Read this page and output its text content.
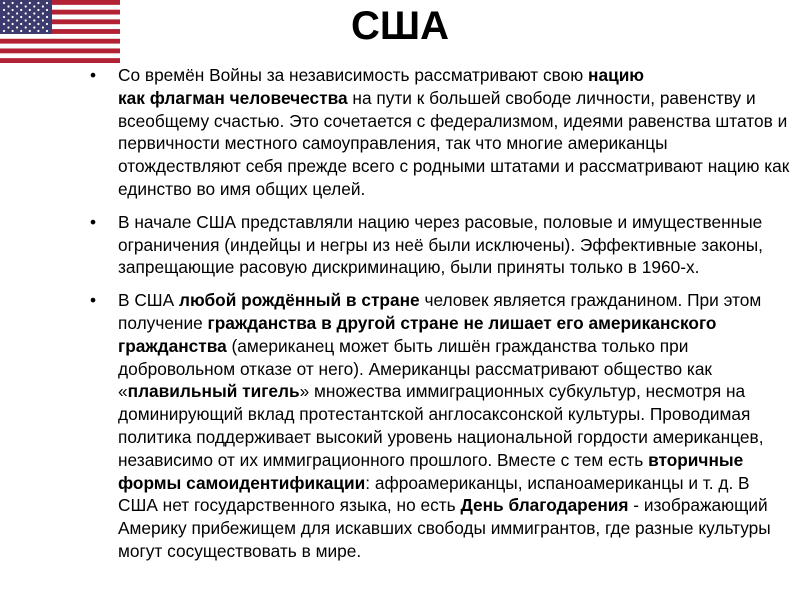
США
• Со времён Войны за независимость рассматривают свою нацию
как флагман человечества на пути к большей свободе личности, равенству и всеобщему счастью. Это сочетается с федерализмом, идеями равенства штатов и первичности местного самоуправления, так что многие американцы отождествляют себя прежде всего с родными штатами и рассматривают нацию как единство во имя общих целей.
• В начале США представляли нацию через расовые, половые и имущественные ограничения (индейцы и негры из неё были исключены). Эффективные законы, запрещающие расовую дискриминацию, были приняты только в 1960-х.
• В США любой рождённый в стране человек является гражданином. При этом получение гражданства в другой стране не лишает его американского гражданства (американец может быть лишён гражданства только при добровольном отказе от него). Американцы рассматривают общество как «плавильный тигель» множества иммиграционных субкультур, несмотря на доминирующий вклад протестантской англосаксонской культуры. Проводимая политика поддерживает высокий уровень национальной гордости американцев, независимо от их иммиграционного прошлого. Вместе с тем есть вторичные формы самоидентификации: афроамериканцы, испаноамериканцы и т. д. В США нет государственного языка, но есть День благодарения - изображающий Америку прибежищем для искавших свободы иммигрантов, где разные культуры могут сосуществовать в мире.
